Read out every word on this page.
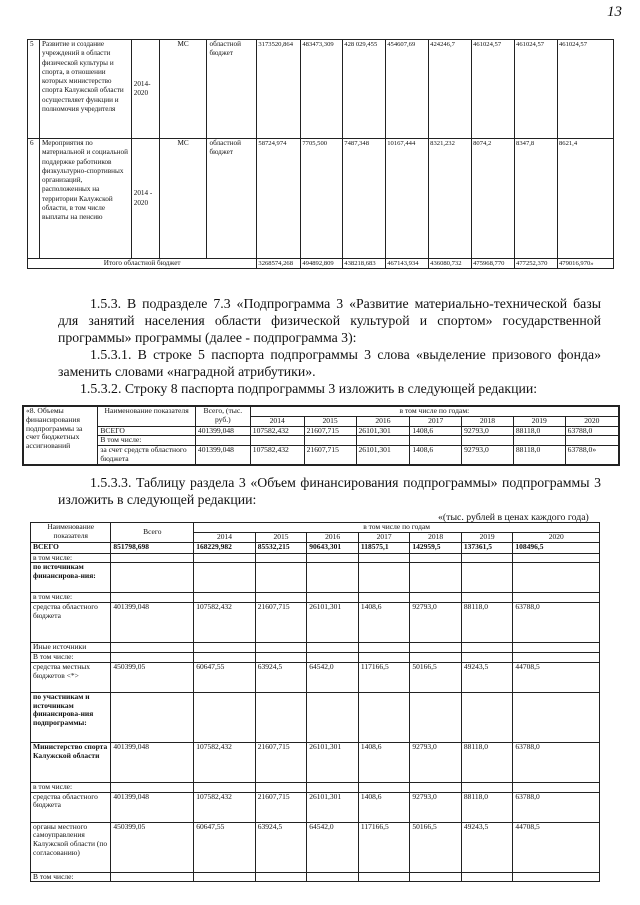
13
5	Развитие и создание учреждений в области физической культуры и спорта, в отношении которых министерство спорта Калужской области осуществляет функции и полномочия учредителя	2014-2020	МС	областной бюджет	3173520,864	483473,309	428 029,455	454607,69	424246,7	461024,57	461024,57	461024,57
6	Мероприятия по материальной и социальной поддержке работников физкультурно-спортивных организаций, расположенных на территории Калужской области, в том числе выплаты на пенсию	2014 - 2020	МС	областной бюджет	58724,974	7705,500	7487,348	10167,444	8321,232	8074,2	8347,8	8621,4
Итого областной бюджет					3268574,268	494892,809	438218,683	467143,934	436080,732	475968,770	477252,370	479016,970»
1.5.3. В подразделе 7.3 «Подпрограмма 3 «Развитие материально-технической базы для занятий населения области физической культурой и спортом» государственной программы» программы (далее - подпрограмма 3):
1.5.3.1. В строке 5 паспорта подпрограммы 3 слова «выделение призового фонда» заменить словами «наградной атрибутики».
1.5.3.2. Строку 8 паспорта подпрограммы 3 изложить в следующей редакции:
«8. Объемы финансирования подпрограммы за счет бюджетных ассигнований	Наименование показателя	Всего, (тыс. руб.)	в том числе по годам:						
			2014	2015	2016	2017	2018	2019	2020
	ВСЕГО	401399,048	107582,432	21607,715	26101,301	1408,6	92793,0	88118,0	63788,0
	В том числе:								
	за счет средств областного бюджета	401399,048	107582,432	21607,715	26101,301	1408,6	92793,0	88118,0	63788,0»
1.5.3.3. Таблицу раздела 3 «Объем финансирования подпрограммы» подпрограммы 3 изложить в следующей редакции:
«(тыс. рублей в ценах каждого года)
Наименование показателя	Всего	в том числе по годам						
		2014	2015	2016	2017	2018	2019	2020
ВСЕГО	851798,698	168229,982	85532,215	90643,301	118575,1	142959,5	137361,5	108496,5
в том числе:								
по источникам финансирова-ния:								
в том числе:								
средства областного бюджета	401399,048	107582,432	21607,715	26101,301	1408,6	92793,0	88118,0	63788,0
Иные источники								
В том числе:								
средства местных бюджетов <*>	450399,05	60647,55	63924,5	64542,0	117166,5	50166,5	49243,5	44708,5
по участникам и источникам финансирова-ния подпрограммы:								
Министерство спорта Калужской области	401399,048	107582,432	21607,715	26101,301	1408,6	92793,0	88118,0	63788,0
в том числе:								
средства областного бюджета	401399,048	107582,432	21607,715	26101,301	1408,6	92793,0	88118,0	63788,0
органы местного самоуправления Калужской области (по согласованию)	450399,05	60647,55	63924,5	64542,0	117166,5	50166,5	49243,5	44708,5
В том числе:								
